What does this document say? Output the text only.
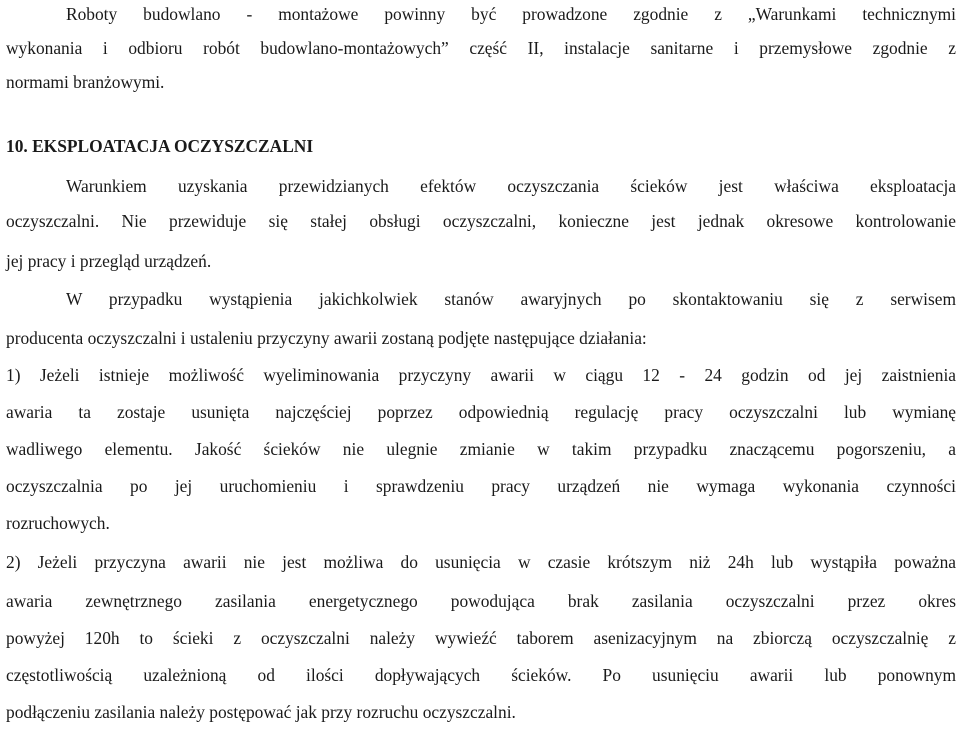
Roboty budowlano - montażowe powinny być prowadzone zgodnie z „Warunkami technicznymi
wykonania i odbioru robót budowlano-montażowych” część II, instalacje sanitarne i przemysłowe zgodnie z
normami branżowymi.
10. EKSPLOATACJA OCZYSZCZALNI
Warunkiem uzyskania przewidzianych efektów oczyszczania ścieków jest właściwa eksploatacja
oczyszczalni. Nie przewiduje się stałej obsługi oczyszczalni, konieczne jest jednak okresowe kontrolowanie
jej pracy i przegląd urządzeń.
W przypadku wystąpienia jakichkolwiek stanów awaryjnych po skontaktowaniu się z serwisem
producenta oczyszczalni i ustaleniu przyczyny awarii zostaną podjęte następujące działania:
1) Jeżeli istnieje możliwość wyeliminowania przyczyny awarii w ciągu 12 - 24 godzin od jej zaistnienia
awaria ta zostaje usunięta najczęściej poprzez odpowiednią regulację pracy oczyszczalni lub wymianę
wadliwego elementu. Jakość ścieków nie ulegnie zmianie w takim przypadku znaczącemu pogorszeniu, a
oczyszczalnia po jej uruchomieniu i sprawdzeniu pracy urządzeń nie wymaga wykonania czynności
rozruchowych.
2) Jeżeli przyczyna awarii nie jest możliwa do usunięcia w czasie krótszym niż 24h lub wystąpiła poważna
awaria zewnętrznego zasilania energetycznego powodująca brak zasilania oczyszczalni przez okres
powyżej 120h to ścieki z oczyszczalni należy wywieźć taborem asenizacyjnym na zbiorczą oczyszczalnię z
częstotliwością uzależnioną od ilości dopływających ścieków. Po usunięciu awarii lub ponownym
podłączeniu zasilania należy postępować jak przy rozruchu oczyszczalni.
